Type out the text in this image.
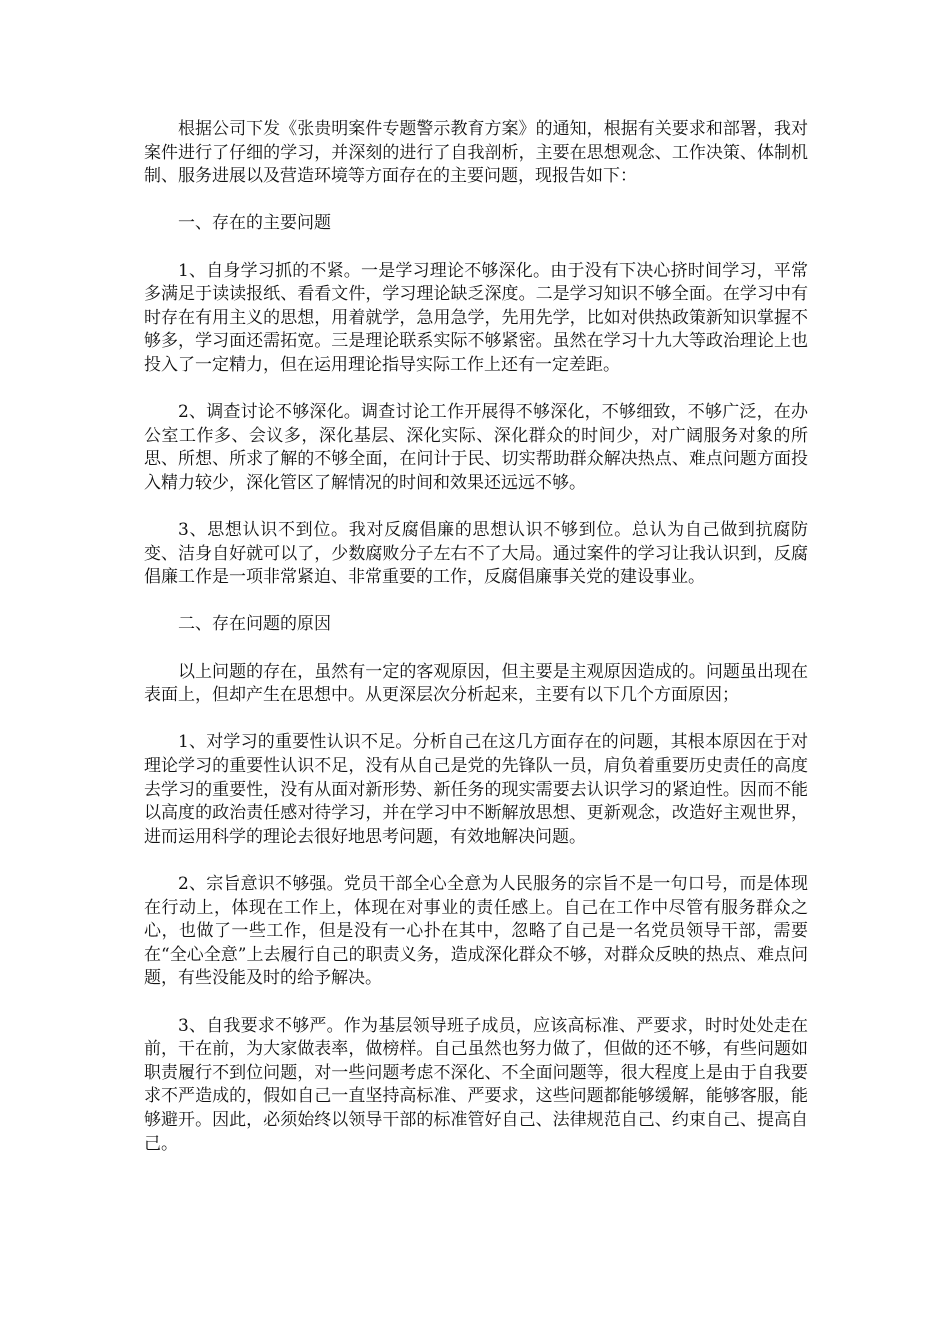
根据公司下发《张贵明案件专题警示教育方案》的通知，根据有关要求和部署，我对案件进行了仔细的学习，并深刻的进行了自我剖析，主要在思想观念、工作决策、体制机制、服务进展以及营造环境等方面存在的主要问题，现报告如下：

一、存在的主要问题

1、自身学习抓的不紧。一是学习理论不够深化。由于没有下决心挤时间学习，平常多满足于读读报纸、看看文件，学习理论缺乏深度。二是学习知识不够全面。在学习中有时存在有用主义的思想，用着就学，急用急学，先用先学，比如对供热政策新知识掌握不够多，学习面还需拓宽。三是理论联系实际不够紧密。虽然在学习十九大等政治理论上也投入了一定精力，但在运用理论指导实际工作上还有一定差距。

2、调查讨论不够深化。调查讨论工作开展得不够深化，不够细致，不够广泛，在办公室工作多、会议多，深化基层、深化实际、深化群众的时间少，对广阔服务对象的所思、所想、所求了解的不够全面，在问计于民、切实帮助群众解决热点、难点问题方面投入精力较少，深化管区了解情况的时间和效果还远远不够。

3、思想认识不到位。我对反腐倡廉的思想认识不够到位。总认为自己做到抗腐防变、洁身自好就可以了，少数腐败分子左右不了大局。通过案件的学习让我认识到，反腐倡廉工作是一项非常紧迫、非常重要的工作，反腐倡廉事关党的建设事业。

二、存在问题的原因

以上问题的存在，虽然有一定的客观原因，但主要是主观原因造成的。问题虽出现在表面上，但却产生在思想中。从更深层次分析起来，主要有以下几个方面原因；

1、对学习的重要性认识不足。分析自己在这几方面存在的问题，其根本原因在于对理论学习的重要性认识不足，没有从自己是党的先锋队一员，肩负着重要历史责任的高度去学习的重要性，没有从面对新形势、新任务的现实需要去认识学习的紧迫性。因而不能以高度的政治责任感对待学习，并在学习中不断解放思想、更新观念，改造好主观世界，进而运用科学的理论去很好地思考问题，有效地解决问题。

2、宗旨意识不够强。党员干部全心全意为人民服务的宗旨不是一句口号，而是体现在行动上，体现在工作上，体现在对事业的责任感上。自己在工作中尽管有服务群众之心，也做了一些工作，但是没有一心扑在其中，忽略了自己是一名党员领导干部，需要在“全心全意”上去履行自己的职责义务，造成深化群众不够，对群众反映的热点、难点问题，有些没能及时的给予解决。

3、自我要求不够严。作为基层领导班子成员，应该高标准、严要求，时时处处走在前，干在前，为大家做表率，做榜样。自己虽然也努力做了，但做的还不够，有些问题如职责履行不到位问题，对一些问题考虑不深化、不全面问题等，很大程度上是由于自我要求不严造成的，假如自己一直坚持高标准、严要求，这些问题都能够缓解，能够客服，能够避开。因此，必须始终以领导干部的标准管好自己、法律规范自己、约束自己、提高自己。
